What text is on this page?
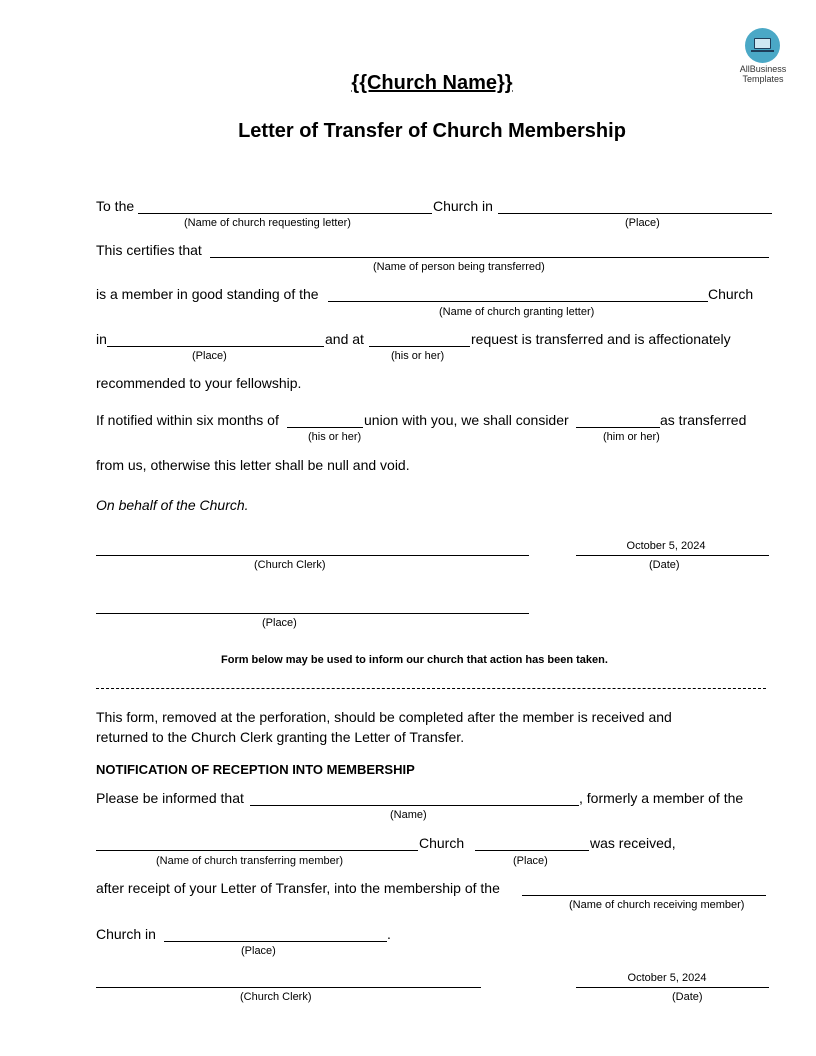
AllBusiness
Templates
{{Church Name}}
Letter of Transfer of Church Membership
To the	Church in
(Name of church requesting letter)	(Place)
This certifies that
(Name of person being transferred)
is a member in good standing of the	Church
(Name of church granting letter)
in	and at	request is transferred and is affectionately
(Place)	(his or her)
recommended to your fellowship.
If notified within six months of	union with you, we shall consider	as transferred
(his or her)	(him or her)
from us, otherwise this letter shall be null and void.
On behalf of the Church.
October 5, 2024
(Church Clerk)	(Date)
(Place)
Form below may be used to inform our church that action has been taken.
This form, removed at the perforation, should be completed after the member is received and
returned to the Church Clerk granting the Letter of Transfer.
NOTIFICATION OF RECEPTION INTO MEMBERSHIP
Please be informed that	, formerly a member of the
(Name)
Church	was received,
(Name of church transferring member)	(Place)
after receipt of your Letter of Transfer, into the membership of the
(Name of church receiving member)
Church in	.
(Place)
October 5, 2024
(Church Clerk)	(Date)
